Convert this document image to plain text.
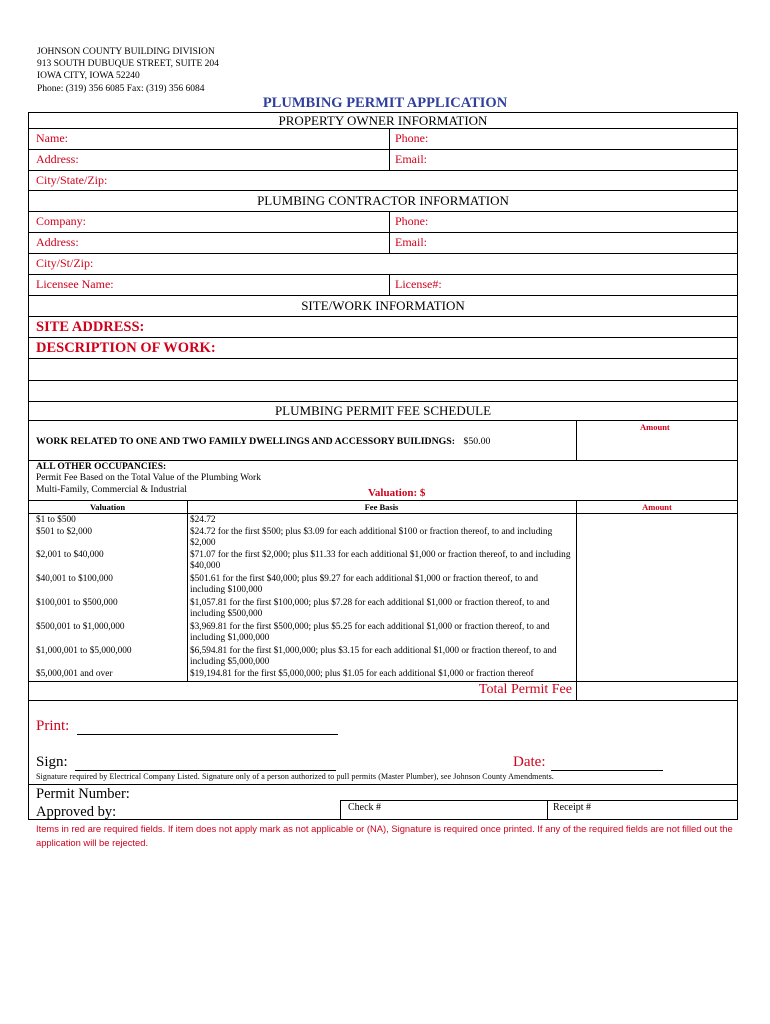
JOHNSON COUNTY BUILDING DIVISION
913 SOUTH DUBUQUE STREET, SUITE 204
IOWA CITY, IOWA 52240
Phone: (319) 356 6085 Fax: (319) 356 6084
PLUMBING PERMIT APPLICATION
PROPERTY OWNER INFORMATION
Name:	Phone:
Address:	Email:
City/State/Zip:
PLUMBING CONTRACTOR INFORMATION
Company:	Phone:
Address:	Email:
City/St/Zip:
Licensee Name:	License#:
SITE/WORK INFORMATION
SITE ADDRESS:
DESCRIPTION OF WORK:
PLUMBING PERMIT FEE SCHEDULE
Amount
WORK RELATED TO ONE AND TWO FAMILY DWELLINGS AND ACCESSORY BUILIDNGS: $50.00
ALL OTHER OCCUPANCIES:
Permit Fee Based on the Total Value of the Plumbing Work
Multi-Family, Commercial & Industrial	Valuation: $
Valuation	Fee Basis	Amount
$1 to $500	$24.72
$501 to $2,000	$24.72 for the first $500; plus $3.09 for each additional $100 or fraction thereof, to and including $2,000
$2,001 to $40,000	$71.07 for the first $2,000; plus $11.33 for each additional $1,000 or fraction thereof, to and including $40,000
$40,001 to $100,000	$501.61 for the first $40,000; plus $9.27 for each additional $1,000 or fraction thereof, to and including $100,000
$100,001 to $500,000	$1,057.81 for the first $100,000; plus $7.28 for each additional $1,000 or fraction thereof, to and including $500,000
$500,001 to $1,000,000	$3,969.81 for the first $500,000; plus $5.25 for each additional $1,000 or fraction thereof, to and including $1,000,000
$1,000,001 to $5,000,000	$6,594.81 for the first $1,000,000; plus $3.15 for each additional $1,000 or fraction thereof, to and including $5,000,000
$5,000,001 and over	$19,194.81 for the first $5,000,000; plus $1.05 for each additional $1,000 or fraction thereof
Total Permit Fee
Print:
Sign:	Date:
Signature required by Electrical Company Listed. Signature only of a person authorized to pull permits (Master Plumber), see Johnson County Amendments.
Permit Number:
Approved by:	Check #	Receipt #
Items in red are required fields. If item does not apply mark as not applicable or (NA), Signature is required once printed. If any of the required fields are not filled out the application will be rejected.
